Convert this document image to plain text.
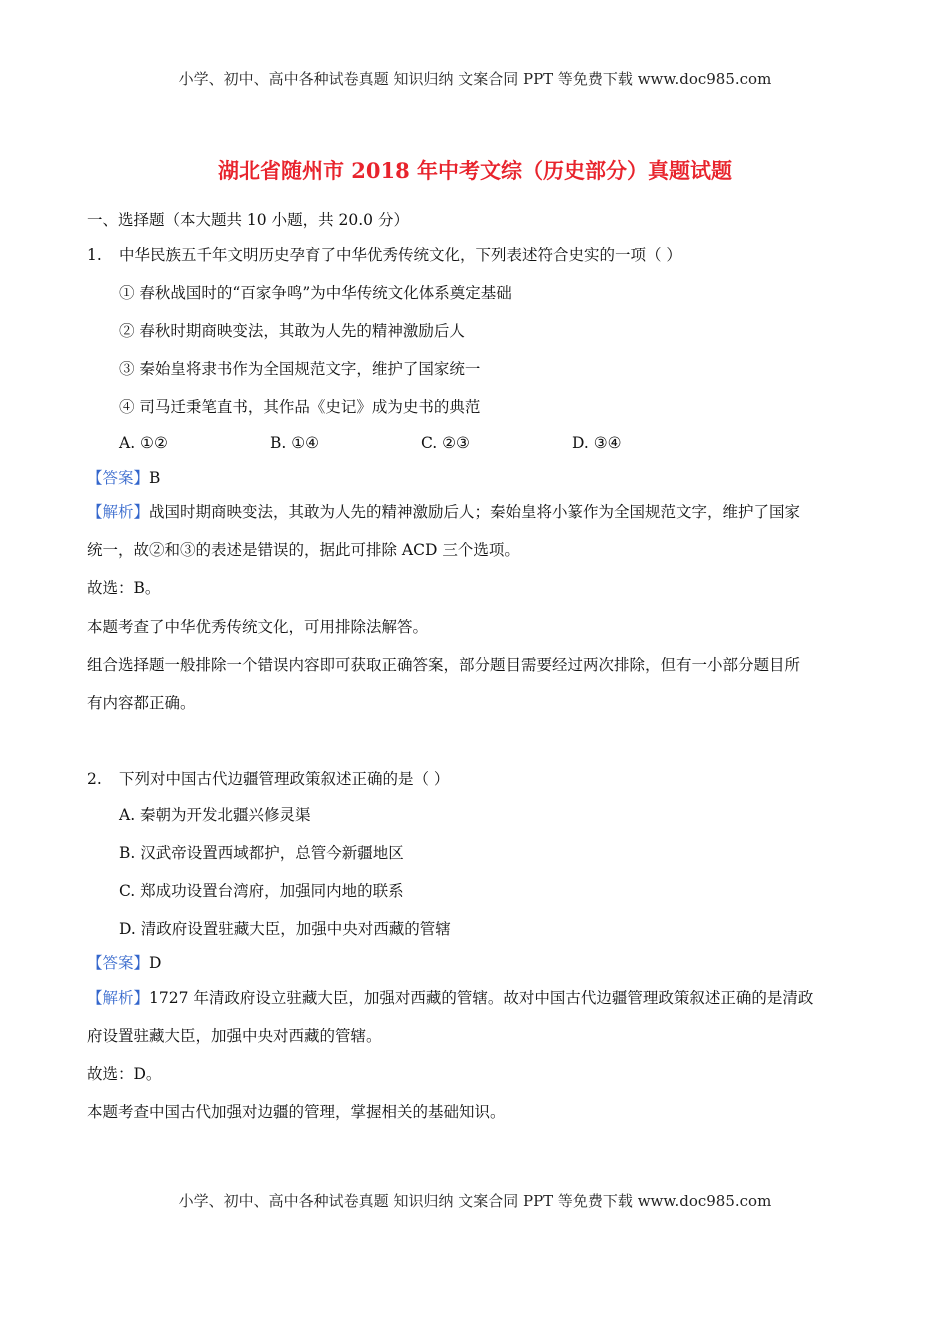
小学、初中、高中各种试卷真题 知识归纳 文案合同 PPT 等免费下载 www.doc985.com
湖北省随州市 2018 年中考文综（历史部分）真题试题
一、选择题（本大题共 10 小题，共 20.0 分）
1. 中华民族五千年文明历史孕育了中华优秀传统文化，下列表述符合史实的一项（ ）
① 春秋战国时的“百家争鸣”为中华传统文化体系奠定基础
② 春秋时期商映变法，其敢为人先的精神激励后人
③ 秦始皇将隶书作为全国规范文字，维护了国家统一
④ 司马迁秉笔直书，其作品《史记》成为史书的典范
A. ①②	B. ①④	C. ②③	D. ③④
【答案】B
【解析】战国时期商映变法，其敢为人先的精神激励后人；秦始皇将小篆作为全国规范文字，维护了国家
统一，故②和③的表述是错误的，据此可排除 ACD 三个选项。
故选：B。
本题考查了中华优秀传统文化，可用排除法解答。
组合选择题一般排除一个错误内容即可获取正确答案，部分题目需要经过两次排除，但有一小部分题目所
有内容都正确。
2. 下列对中国古代边疆管理政策叙述正确的是（ ）
A. 秦朝为开发北疆兴修灵渠
B. 汉武帝设置西域都护，总管今新疆地区
C. 郑成功设置台湾府，加强同内地的联系
D. 清政府设置驻藏大臣，加强中央对西藏的管辖
【答案】D
【解析】1727 年清政府设立驻藏大臣，加强对西藏的管辖。故对中国古代边疆管理政策叙述正确的是清政
府设置驻藏大臣，加强中央对西藏的管辖。
故选：D。
本题考查中国古代加强对边疆的管理，掌握相关的基础知识。
小学、初中、高中各种试卷真题 知识归纳 文案合同 PPT 等免费下载 www.doc985.com
